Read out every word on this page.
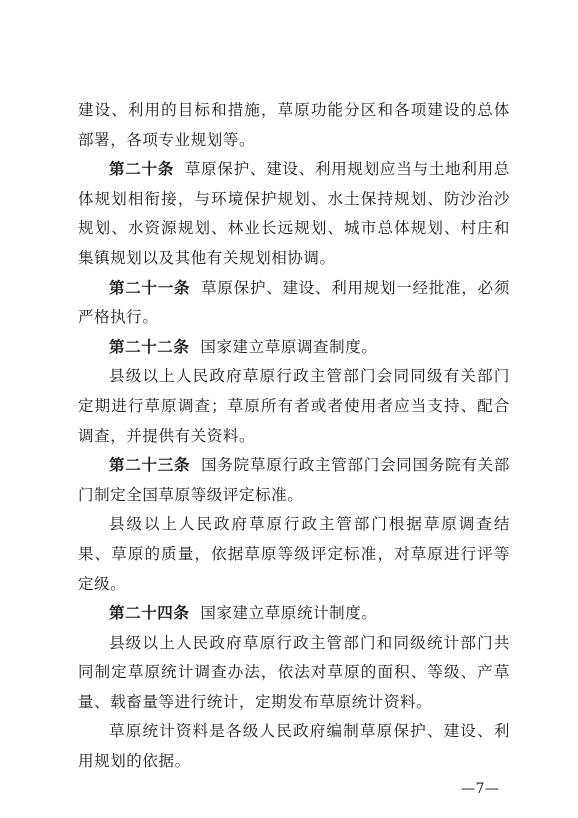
建设、利用的目标和措施，草原功能分区和各项建设的总体部署，各项专业规划等。

第二十条 草原保护、建设、利用规划应当与土地利用总体规划相衔接，与环境保护规划、水土保持规划、防沙治沙规划、水资源规划、林业长远规划、城市总体规划、村庄和集镇规划以及其他有关规划相协调。

第二十一条 草原保护、建设、利用规划一经批准，必须严格执行。

第二十二条 国家建立草原调查制度。

县级以上人民政府草原行政主管部门会同同级有关部门定期进行草原调查；草原所有者或者使用者应当支持、配合调查，并提供有关资料。

第二十三条 国务院草原行政主管部门会同国务院有关部门制定全国草原等级评定标准。

县级以上人民政府草原行政主管部门根据草原调查结果、草原的质量，依据草原等级评定标准，对草原进行评等定级。

第二十四条 国家建立草原统计制度。

县级以上人民政府草原行政主管部门和同级统计部门共同制定草原统计调查办法，依法对草原的面积、等级、产草量、载畜量等进行统计，定期发布草原统计资料。

草原统计资料是各级人民政府编制草原保护、建设、利用规划的依据。

—7—
